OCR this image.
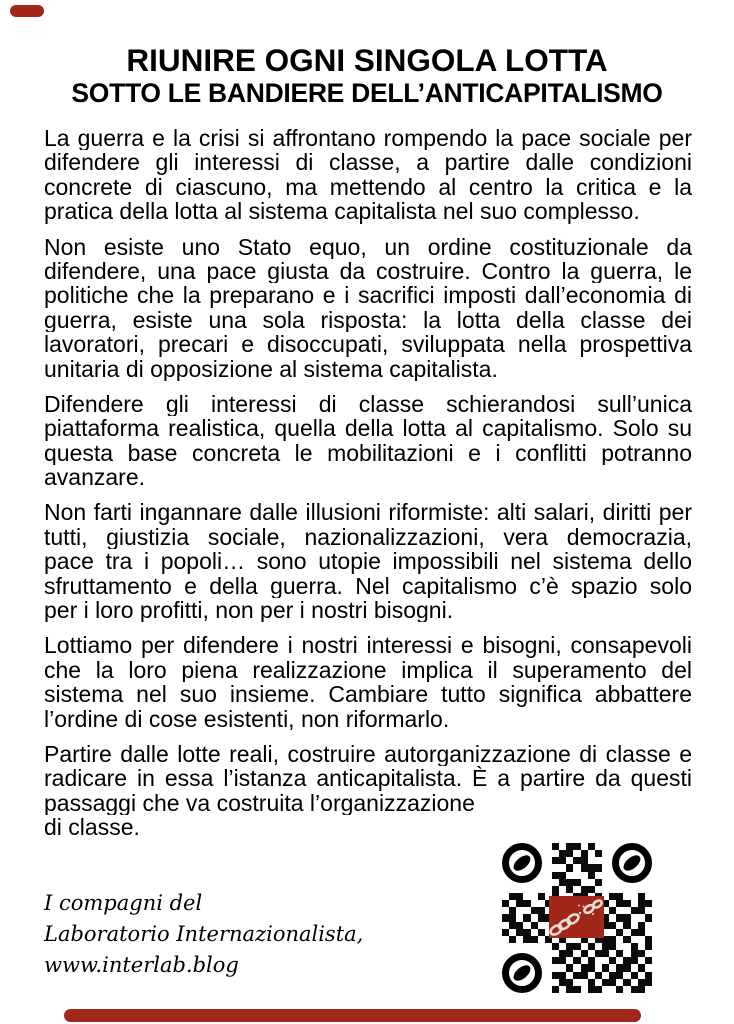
RIUNIRE OGNI SINGOLA LOTTA
SOTTO LE BANDIERE DELL’ANTICAPITALISMO
La guerra e la crisi si affrontano rompendo la pace sociale per
difendere gli interessi di classe, a partire dalle condizioni
concrete di ciascuno, ma mettendo al centro la critica e la
pratica della lotta al sistema capitalista nel suo complesso.
Non esiste uno Stato equo, un ordine costituzionale da
difendere, una pace giusta da costruire. Contro la guerra, le
politiche che la preparano e i sacrifici imposti dall’economia di
guerra, esiste una sola risposta: la lotta della classe dei
lavoratori, precari e disoccupati, sviluppata nella prospettiva
unitaria di opposizione al sistema capitalista.
Difendere gli interessi di classe schierandosi sull’unica
piattaforma realistica, quella della lotta al capitalismo. Solo su
questa base concreta le mobilitazioni e i conflitti potranno
avanzare.
Non farti ingannare dalle illusioni riformiste: alti salari, diritti per
tutti, giustizia sociale, nazionalizzazioni, vera democrazia,
pace tra i popoli… sono utopie impossibili nel sistema dello
sfruttamento e della guerra. Nel capitalismo c’è spazio solo
per i loro profitti, non per i nostri bisogni.
Lottiamo per difendere i nostri interessi e bisogni, consapevoli
che la loro piena realizzazione implica il superamento del
sistema nel suo insieme. Cambiare tutto significa abbattere
l’ordine di cose esistenti, non riformarlo.
Partire dalle lotte reali, costruire autorganizzazione di classe e
radicare in essa l’istanza anticapitalista. È a partire da questi
passaggi che va costruita l’organizzazione
di classe.
I compagni del
Laboratorio Internazionalista,
www.interlab.blog
